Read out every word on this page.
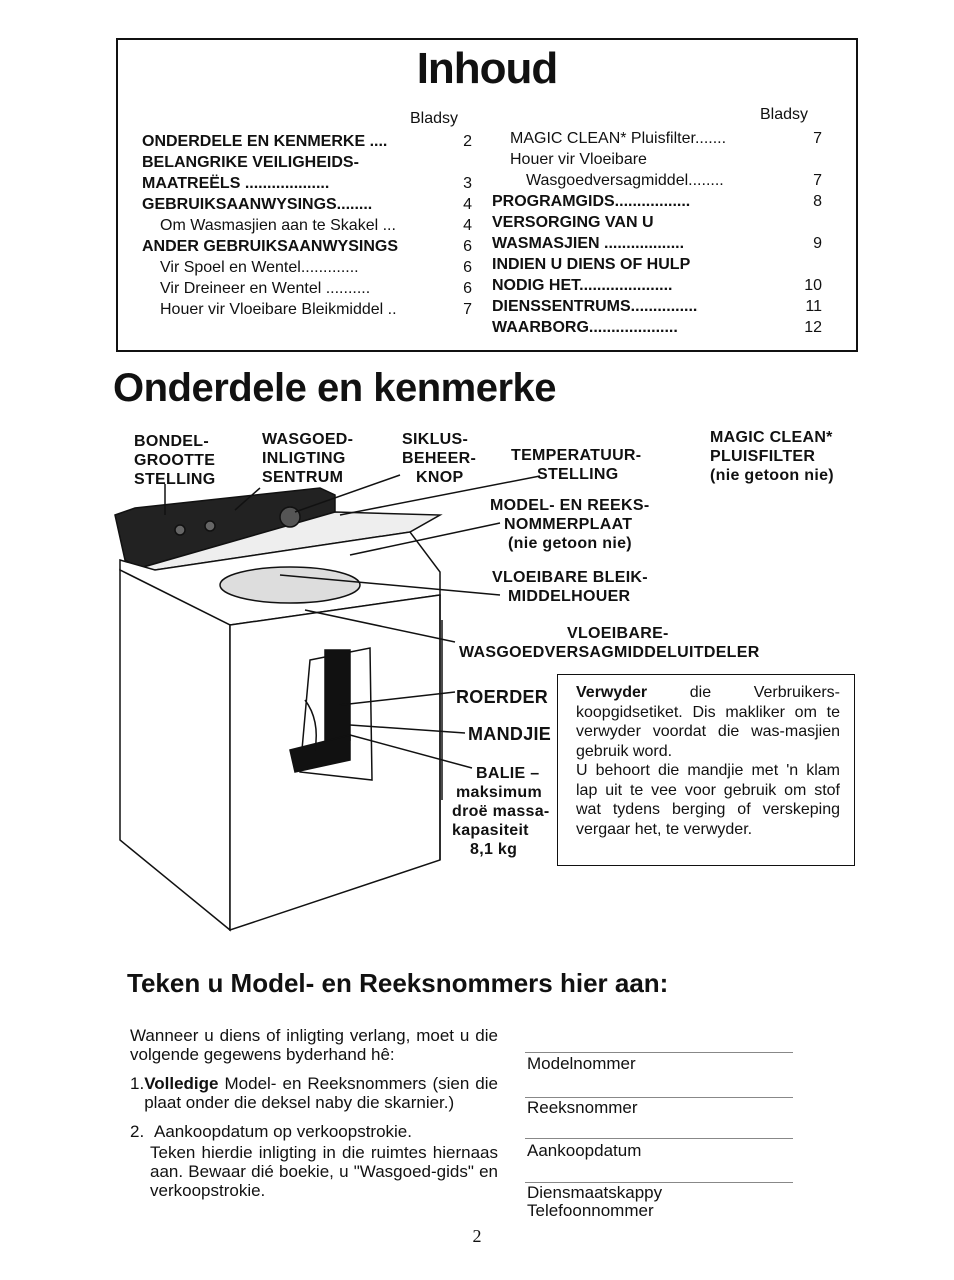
Inhoud
Bladsy	Bladsy
ONDERDELE EN KENMERKE ....	2
BELANGRIKE VEILIGHEIDS-
MAATREËLS ...................	3
GEBRUIKSAANWYSINGS........	4
Om Wasmasjien aan te Skakel ...	4
ANDER GEBRUIKSAANWYSINGS	6
Vir Spoel en Wentel.............	6
Vir Dreineer en Wentel ..........	6
Houer vir Vloeibare Bleikmiddel ..	7
MAGIC CLEAN* Pluisfilter.......	7
Houer vir Vloeibare
Wasgoedversagmiddel........	7
PROGRAMGIDS.................	8
VERSORGING VAN U
WASMASJIEN ..................	9
INDIEN U DIENS OF HULP
NODIG HET.....................	10
DIENSSENTRUMS...............	11
WAARBORG....................	12
Onderdele en kenmerke
BONDEL-
GROOTTE
STELLING
WASGOED-
INLIGTING
SENTRUM
SIKLUS-
BEHEER-
KNOP
TEMPERATUUR-
STELLING
MAGIC CLEAN*
PLUISFILTER
(nie getoon nie)
MODEL- EN REEKS-
NOMMERPLAAT
(nie getoon nie)
VLOEIBARE BLEIK-
MIDDELHOUER
VLOEIBARE-
WASGOEDVERSAGMIDDELUITDELER
ROERDER
MANDJIE
BALIE –
maksimum
droë massa-
kapasiteit
8,1 kg

Verwyder die Verbruikers-koopgidsetiket. Dis makliker om te verwyder voordat die was-masjien gebruik word.

U behoort die mandjie met 'n klam lap uit te vee voor gebruik om stof wat tydens berging of verskeping vergaar het, te verwyder.

Teken u Model- en Reeksnommers hier aan:
Wanneer u diens of inligting verlang, moet u die volgende gegewens byderhand hê:
1. Volledige Model- en Reeksnommers (sien die plaat onder die deksel naby die skarnier.)
2. Aankoopdatum op verkoopstrokie.
Teken hierdie inligting in die ruimtes hiernaas aan. Bewaar dié boekie, u "Wasgoed-gids" en verkoopstrokie.
Modelnommer
Reeksnommer
Aankoopdatum
Diensmaatskappy
Telefoonnommer
2
